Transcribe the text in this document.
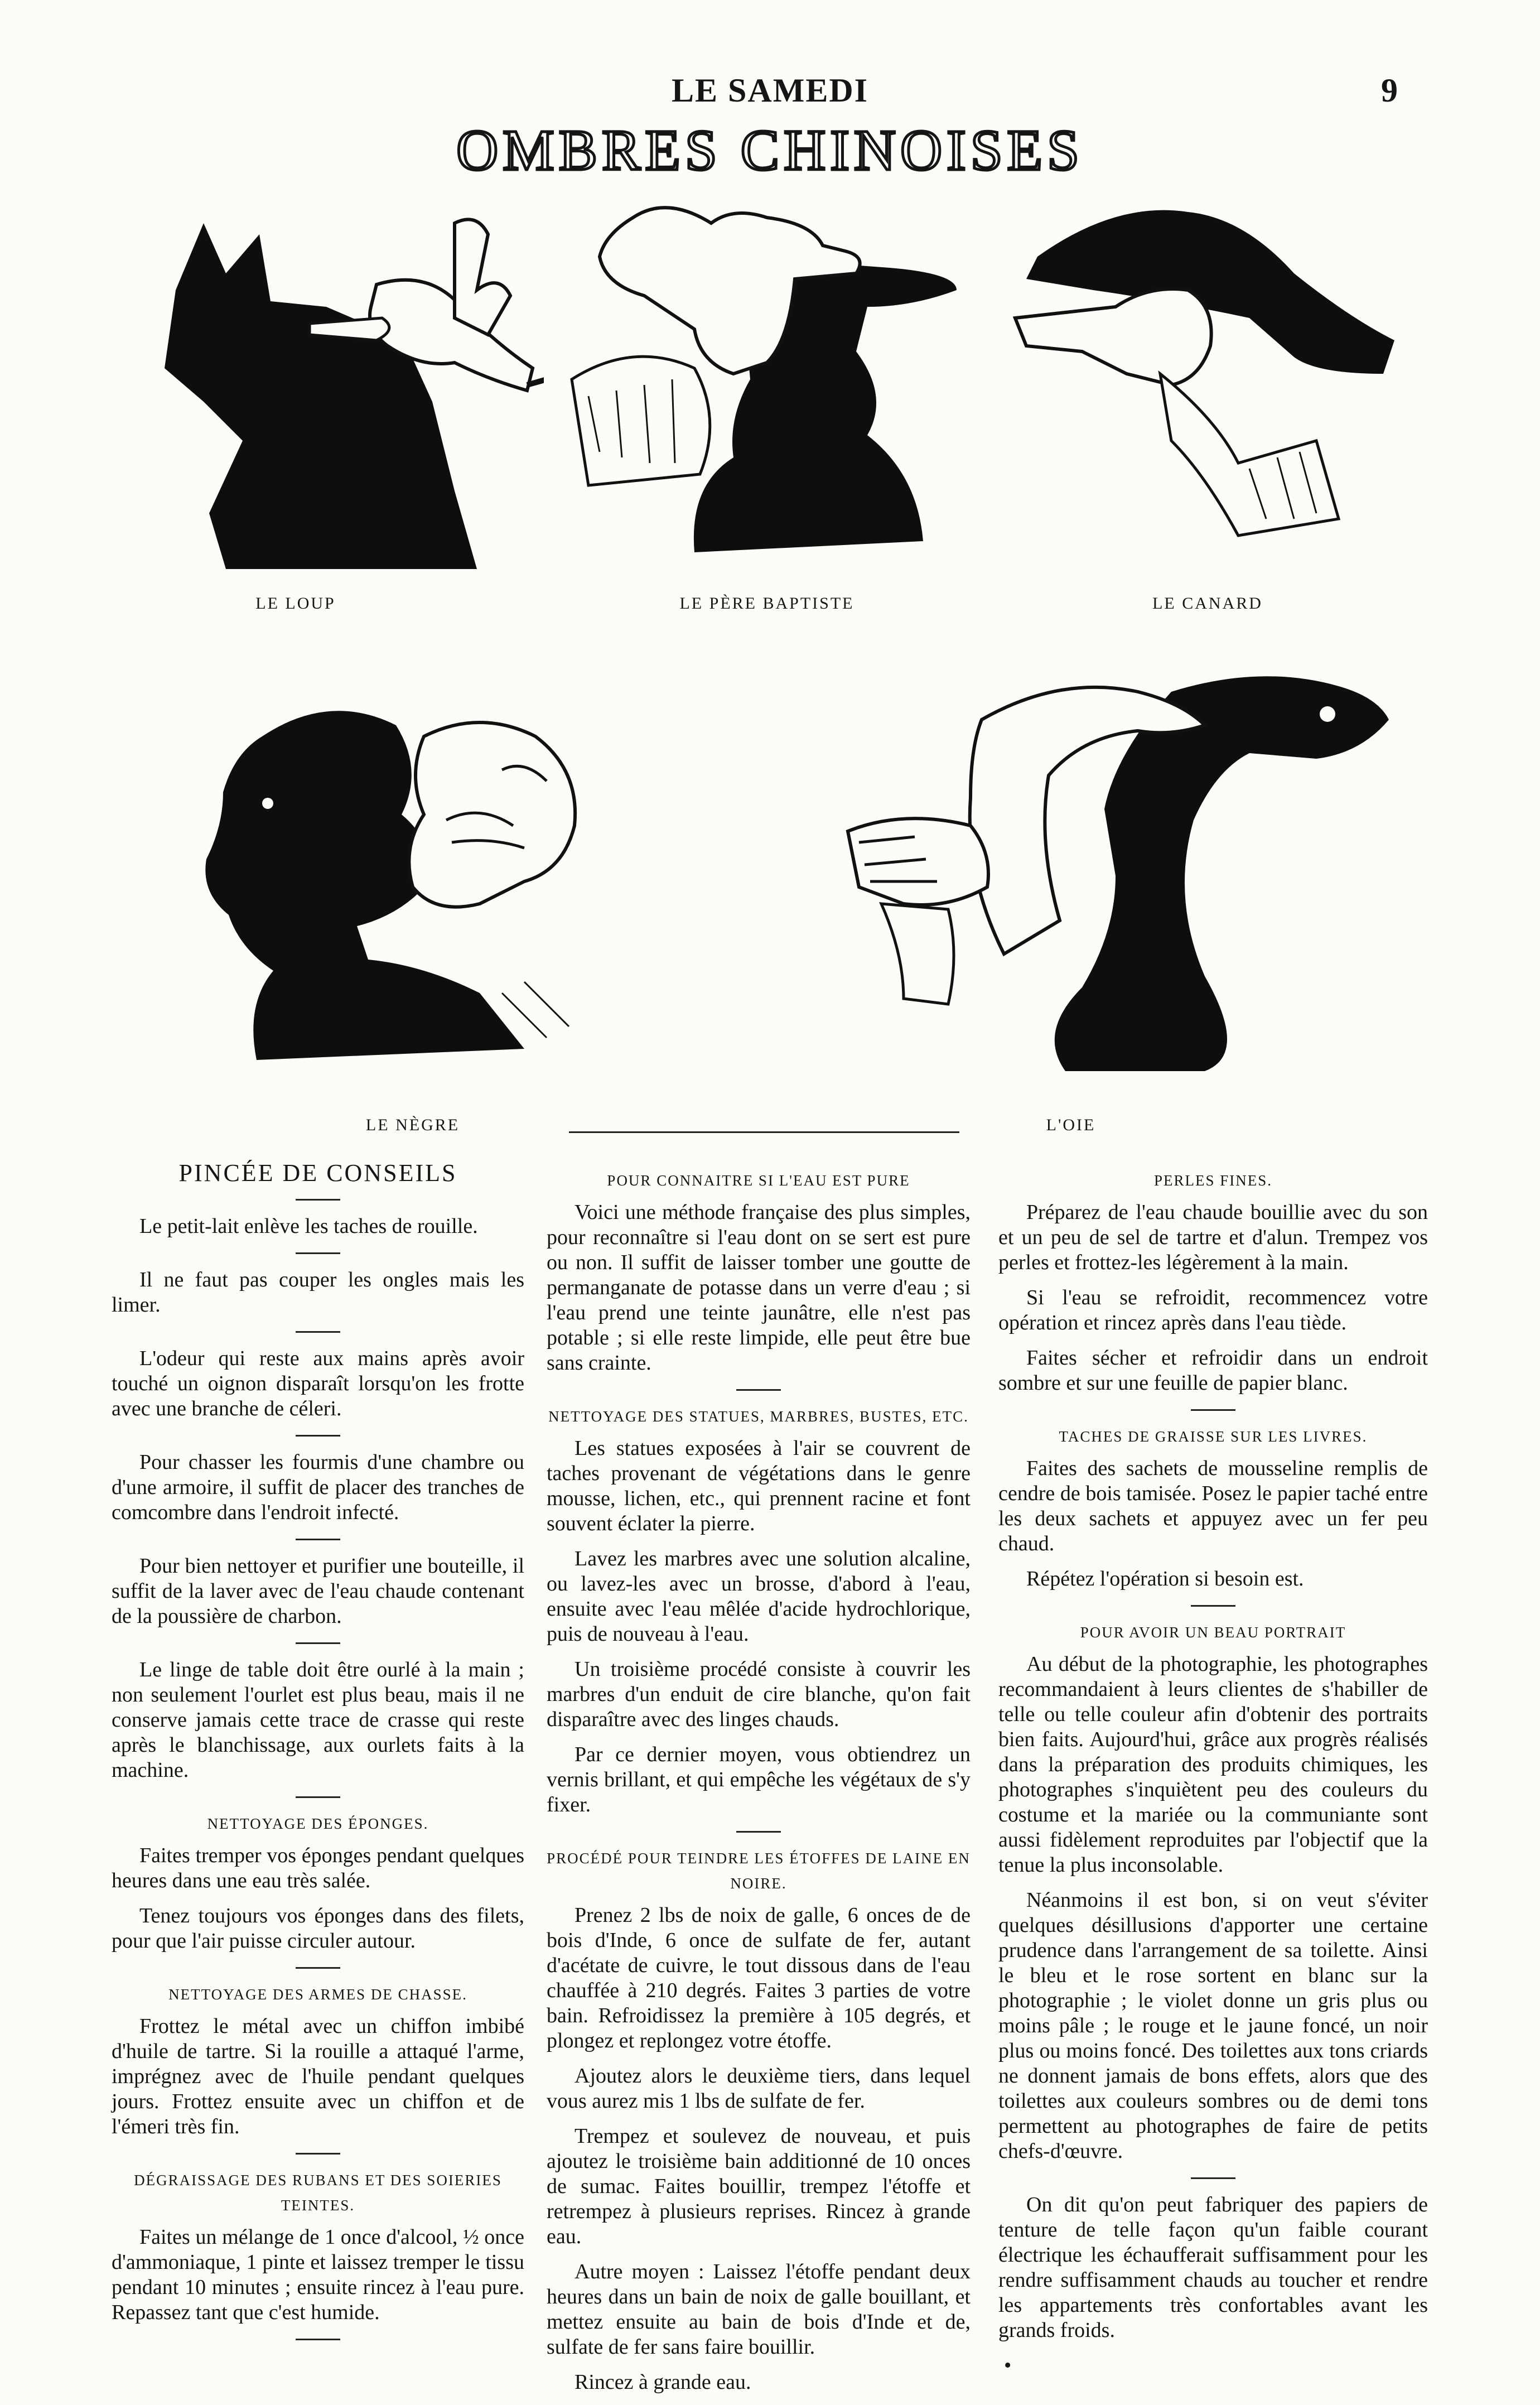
LE SAMEDI	9
OMBRES CHINOISES
LE LOUP	LE PÈRE BAPTISTE	LE CANARD
LE NÈGRE	L'OIE

PINCÉE DE CONSEILS

Le petit-lait enlève les taches de rouille.

Il ne faut pas couper les ongles mais les limer.

L'odeur qui reste aux mains après avoir touché un oignon disparaît lorsqu'on les frotte avec une branche de céleri.

Pour chasser les fourmis d'une chambre ou d'une armoire, il suffit de placer des tranches de comcombre dans l'endroit infecté.

Pour bien nettoyer et purifier une bouteille, il suffit de la laver avec de l'eau chaude contenant de la poussière de charbon.

Le linge de table doit être ourlé à la main ; non seulement l'ourlet est plus beau, mais il ne conserve jamais cette trace de crasse qui reste après le blanchissage, aux ourlets faits à la machine.

NETTOYAGE DES ÉPONGES.

Faites tremper vos éponges pendant quelques heures dans une eau très salée.

Tenez toujours vos éponges dans des filets, pour que l'air puisse circuler autour.

NETTOYAGE DES ARMES DE CHASSE.

Frottez le métal avec un chiffon imbibé d'huile de tartre. Si la rouille a attaqué l'arme, imprégnez avec de l'huile pendant quelques jours. Frottez ensuite avec un chiffon et de l'émeri très fin.

DÉGRAISSAGE DES RUBANS ET DES SOIERIES TEINTES.

Faites un mélange de 1 once d'alcool, ½ once d'ammoniaque, 1 pinte et laissez tremper le tissu pendant 10 minutes ; ensuite rincez à l'eau pure. Repassez tant que c'est humide.

POUR CONNAITRE SI L'EAU EST PURE

Voici une méthode française des plus simples, pour reconnaître si l'eau dont on se sert est pure ou non. Il suffit de laisser tomber une goutte de permanganate de potasse dans un verre d'eau ; si l'eau prend une teinte jaunâtre, elle n'est pas potable ; si elle reste limpide, elle peut être bue sans crainte.

NETTOYAGE DES STATUES, MARBRES, BUSTES, ETC.

Les statues exposées à l'air se couvrent de taches provenant de végétations dans le genre mousse, lichen, etc., qui prennent racine et font souvent éclater la pierre.

Lavez les marbres avec une solution alcaline, ou lavez-les avec un brosse, d'abord à l'eau, ensuite avec l'eau mêlée d'acide hydrochlorique, puis de nouveau à l'eau.

Un troisième procédé consiste à couvrir les marbres d'un enduit de cire blanche, qu'on fait disparaître avec des linges chauds.

Par ce dernier moyen, vous obtiendrez un vernis brillant, et qui empêche les végétaux de s'y fixer.

PROCÉDÉ POUR TEINDRE LES ÉTOFFES DE LAINE EN NOIRE.

Prenez 2 lbs de noix de galle, 6 onces de de bois d'Inde, 6 once de sulfate de fer, autant d'acétate de cuivre, le tout dissous dans de l'eau chauffée à 210 degrés. Faites 3 parties de votre bain. Refroidissez la première à 105 degrés, et plongez et replongez votre étoffe.

Ajoutez alors le deuxième tiers, dans lequel vous aurez mis 1 lbs de sulfate de fer.

Trempez et soulevez de nouveau, et puis ajoutez le troisième bain additionné de 10 onces de sumac. Faites bouillir, trempez l'étoffe et retrempez à plusieurs reprises. Rincez à grande eau.

Autre moyen : Laissez l'étoffe pendant deux heures dans un bain de noix de galle bouillant, et mettez ensuite au bain de bois d'Inde et de, sulfate de fer sans faire bouillir.

Rincez à grande eau.

PERLES FINES.

Préparez de l'eau chaude bouillie avec du son et un peu de sel de tartre et d'alun. Trempez vos perles et frottez-les légèrement à la main.

Si l'eau se refroidit, recommencez votre opération et rincez après dans l'eau tiède.

Faites sécher et refroidir dans un endroit sombre et sur une feuille de papier blanc.

TACHES DE GRAISSE SUR LES LIVRES.

Faites des sachets de mousseline remplis de cendre de bois tamisée. Posez le papier taché entre les deux sachets et appuyez avec un fer peu chaud.

Répétez l'opération si besoin est.

POUR AVOIR UN BEAU PORTRAIT

Au début de la photographie, les photographes recommandaient à leurs clientes de s'habiller de telle ou telle couleur afin d'obtenir des portraits bien faits. Aujourd'hui, grâce aux progrès réalisés dans la préparation des produits chimiques, les photographes s'inquiètent peu des couleurs du costume et la mariée ou la communiante sont aussi fidèlement reproduites par l'objectif que la tenue la plus inconsolable.

Néanmoins il est bon, si on veut s'éviter quelques désillusions d'apporter une certaine prudence dans l'arrangement de sa toilette. Ainsi le bleu et le rose sortent en blanc sur la photographie ; le violet donne un gris plus ou moins pâle ; le rouge et le jaune foncé, un noir plus ou moins foncé. Des toilettes aux tons criards ne donnent jamais de bons effets, alors que des toilettes aux couleurs sombres ou de demi tons permettent au photographes de faire de petits chefs-d'œuvre.

On dit qu'on peut fabriquer des papiers de tenture de telle façon qu'un faible courant électrique les échaufferait suffisamment pour les rendre suffisamment chauds au toucher et rendre les appartements très confortables avant les grands froids.

•
